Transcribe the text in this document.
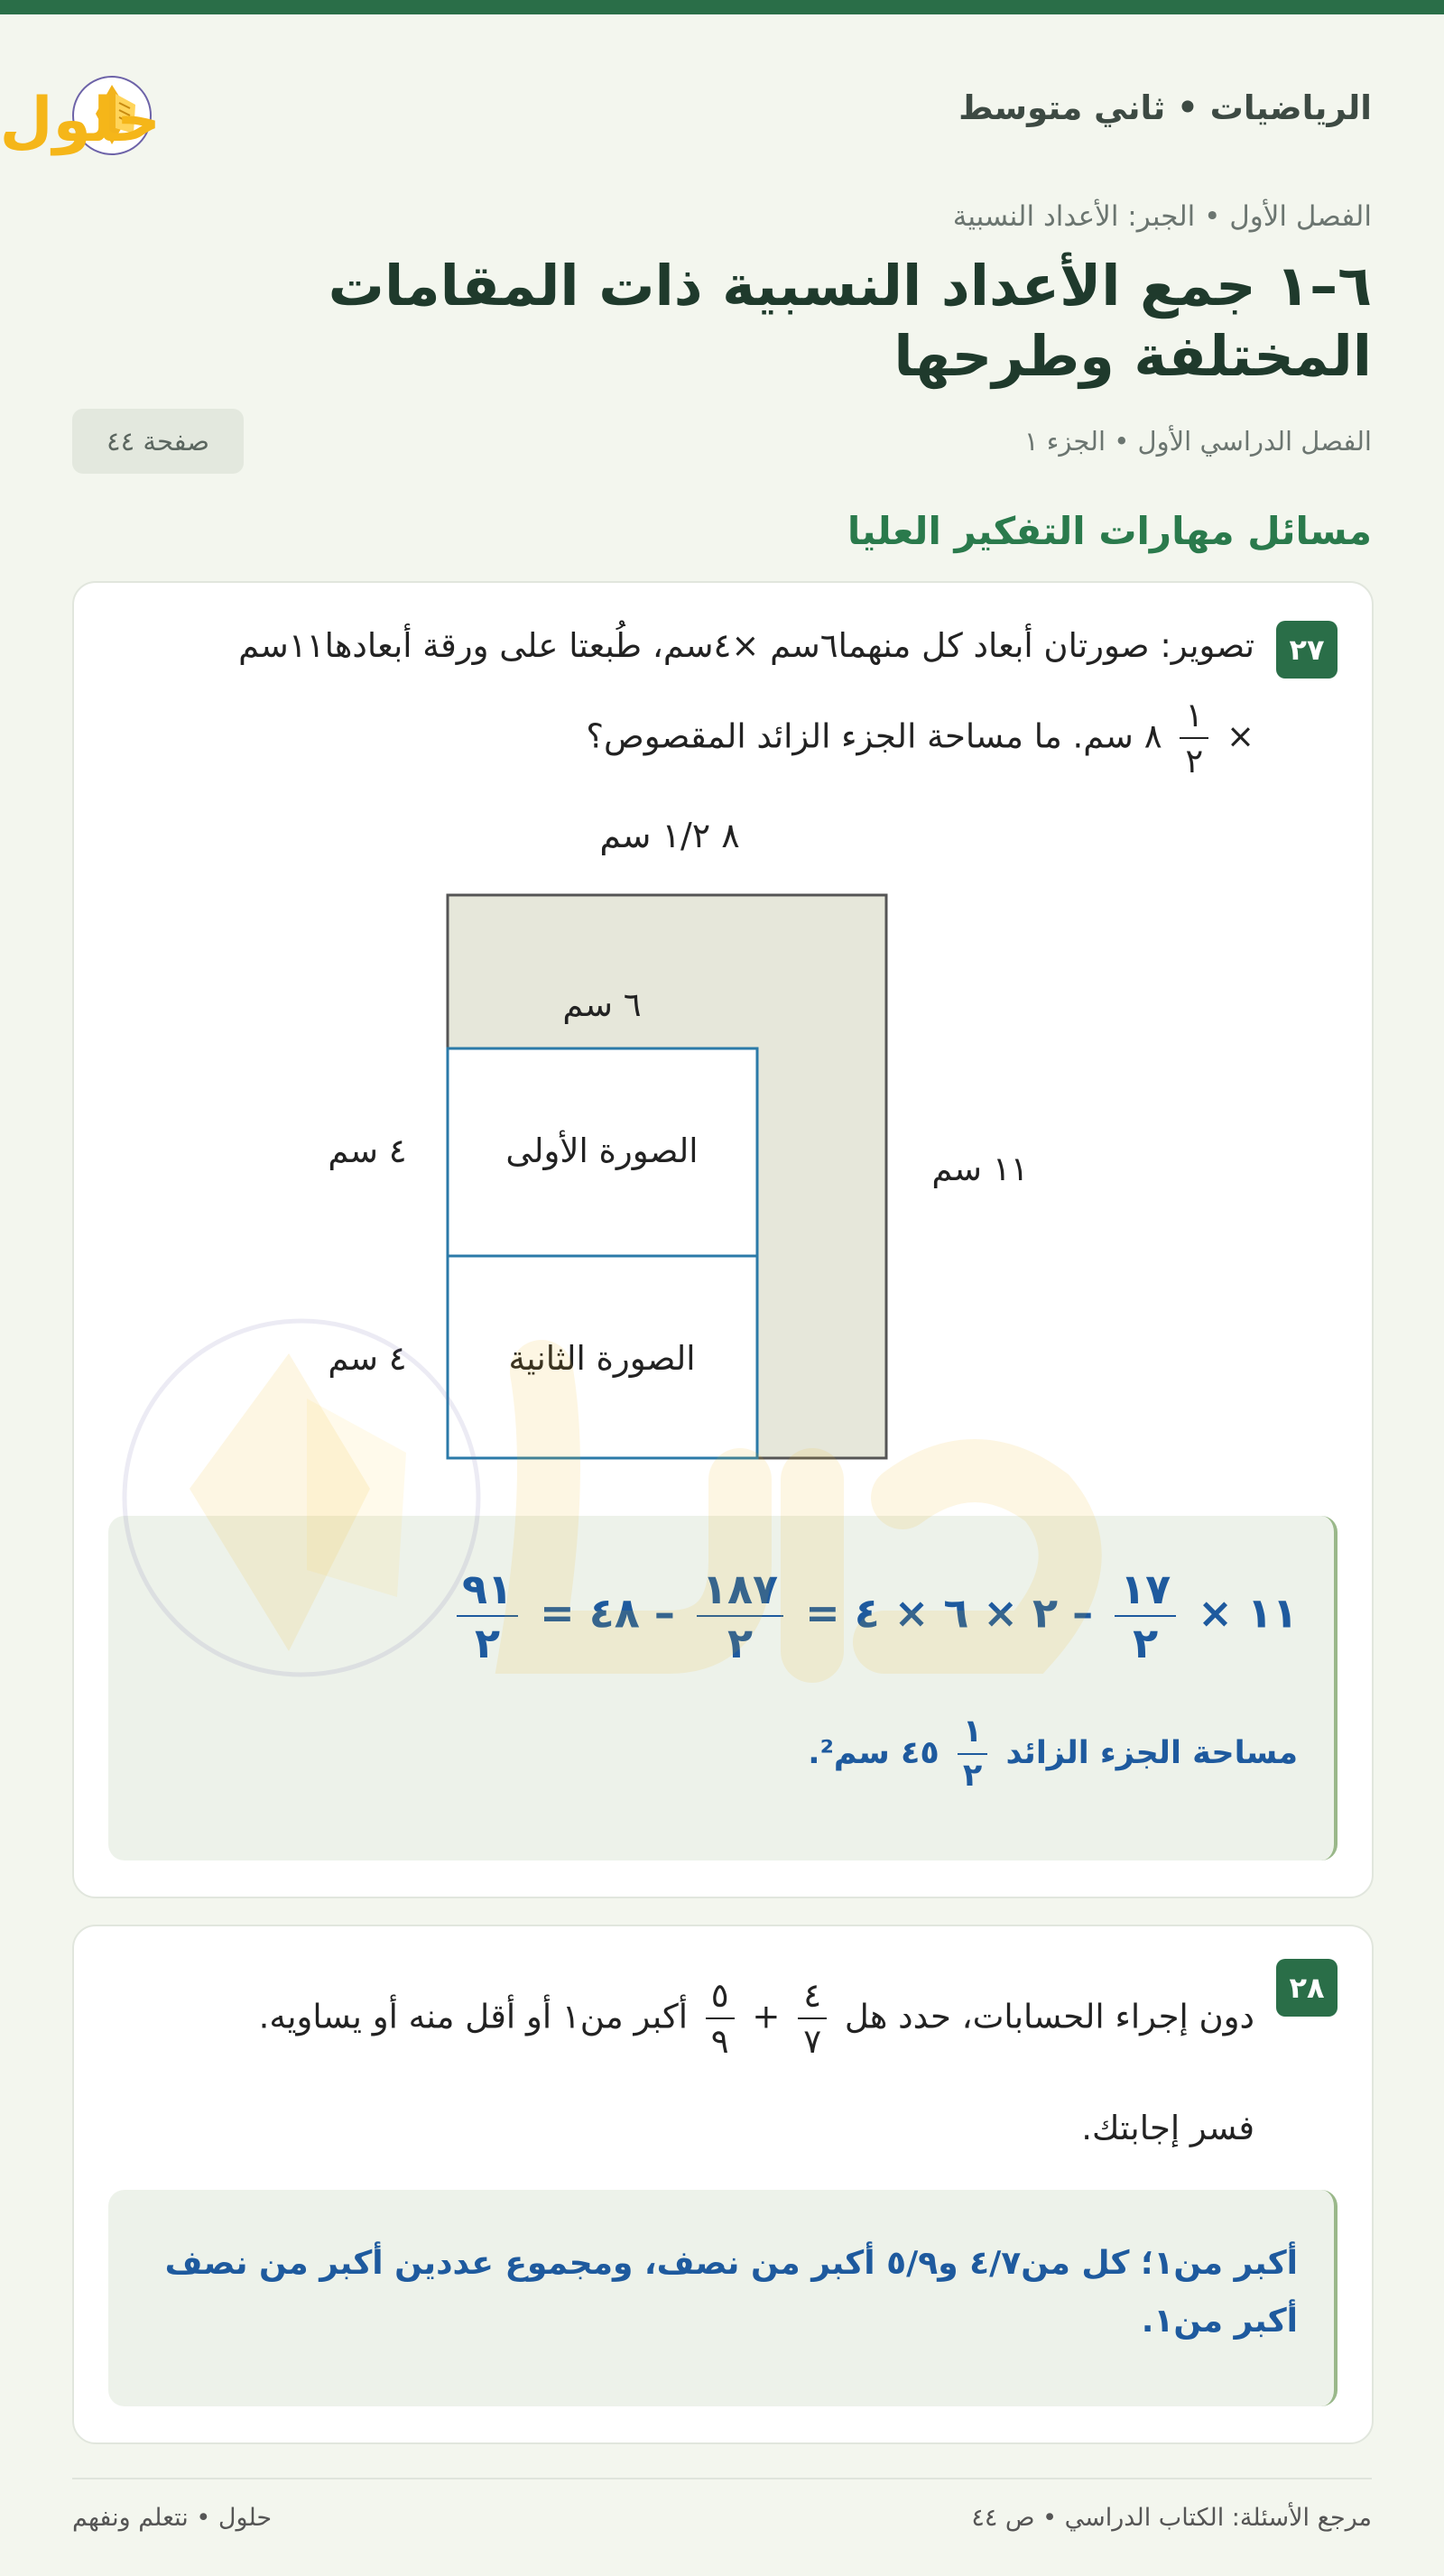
الرياضيات • ثاني متوسط
حلول
الفصل الأول • الجبر: الأعداد النسبية
٦–١ جمع الأعداد النسبية ذات المقامات المختلفة وطرحها
الفصل الدراسي الأول • الجزء ١
صفحة ٤٤
مسائل مهارات التفكير العليا
٢٧
تصوير: صورتان أبعاد كل منهما٦سم ×٤سم، طُبعتا على ورقة أبعادها١١سم
×
$\frac{١}{٢}$
٨ سم. ما مساحة الجزء الزائد المقصوص؟
٨ ١/٢ سم
٦ سم
الصورة الأولى
الصورة الثانية
٤ سم
٤ سم
١١ سم
١١ ×
$\frac{١٧}{٢}$
– ٢ × ٦ × ٤ =
$\frac{١٨٧}{٢}$
– ٤٨ =
$\frac{٩١}{٢}$
مساحة الجزء الزائد
$\frac{١}{٢}$
٤٥ سم².
٢٨
دون إجراء الحسابات، حدد هل
$\frac{٤}{٧}$
+
$\frac{٥}{٩}$
أكبر من١ أو أقل منه أو يساويه.
فسر إجابتك.
أكبر من١؛ كل من٤/٧ و٥/٩ أكبر من نصف، ومجموع عددين أكبر من نصف أكبر من١.
مرجع الأسئلة: الكتاب الدراسي • ص ٤٤
حلول • نتعلم ونفهم
